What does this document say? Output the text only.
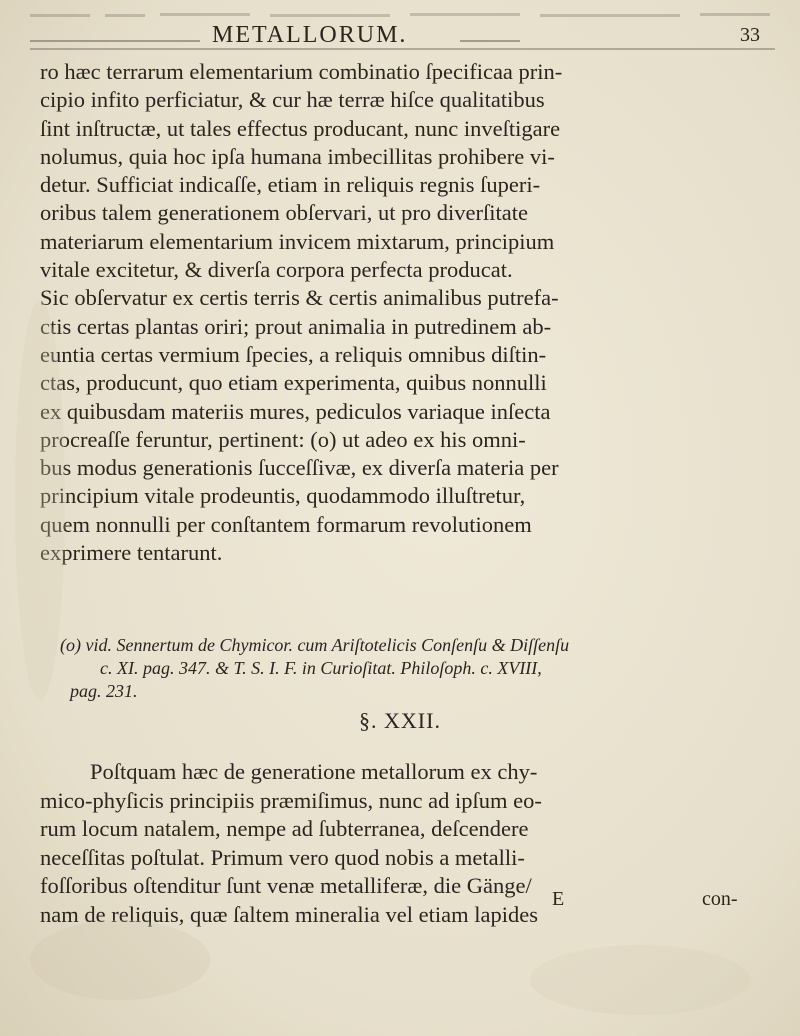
METALLORUM.	33
ro hæc terrarum elementarium combinatio ſpecificaa prin-
cipio infito perficiatur, & cur hæ terræ hiſce qualitatibus
ſint inſtructæ, ut tales effectus producant, nunc inveſtigare
nolumus, quia hoc ipſa humana imbecillitas prohibere vi-
detur. Sufficiat indicaſſe, etiam in reliquis regnis ſuperi-
oribus talem generationem obſervari, ut pro diverſitate
materiarum elementarium invicem mixtarum, principium
vitale excitetur, & diverſa corpora perfecta producat.
Sic obſervatur ex certis terris & certis animalibus putrefa-
ctis certas plantas oriri; prout animalia in putredinem ab-
euntia certas vermium ſpecies, a reliquis omnibus diſtin-
ctas, producunt, quo etiam experimenta, quibus nonnulli
ex quibusdam materiis mures, pediculos variaque inſecta
procreaſſe feruntur, pertinent: (o) ut adeo ex his omni-
bus modus generationis ſucceſſivæ, ex diverſa materia per
principium vitale prodeuntis, quodammodo illuſtretur,
quem nonnulli per conſtantem formarum revolutionem
exprimere tentarunt.
(o) vid. Sennertum de Chymicor. cum Ariſtotelicis Conſenſu & Diſſenſu
c. XI. pag. 347. & T. S. I. F. in Curioſitat. Philoſoph. c. XVIII,
pag. 231.
§. XXII.
Poſtquam hæc de generatione metallorum ex chy-
mico-phyſicis principiis præmiſimus, nunc ad ipſum eo-
rum locum natalem, nempe ad ſubterranea, deſcendere
neceſſitas poſtulat. Primum vero quod nobis a metalli-
foſſoribus oſtenditur ſunt venæ metalliferæ, die Gänge/
nam de reliquis, quæ ſaltem mineralia vel etiam lapides
E	con-
